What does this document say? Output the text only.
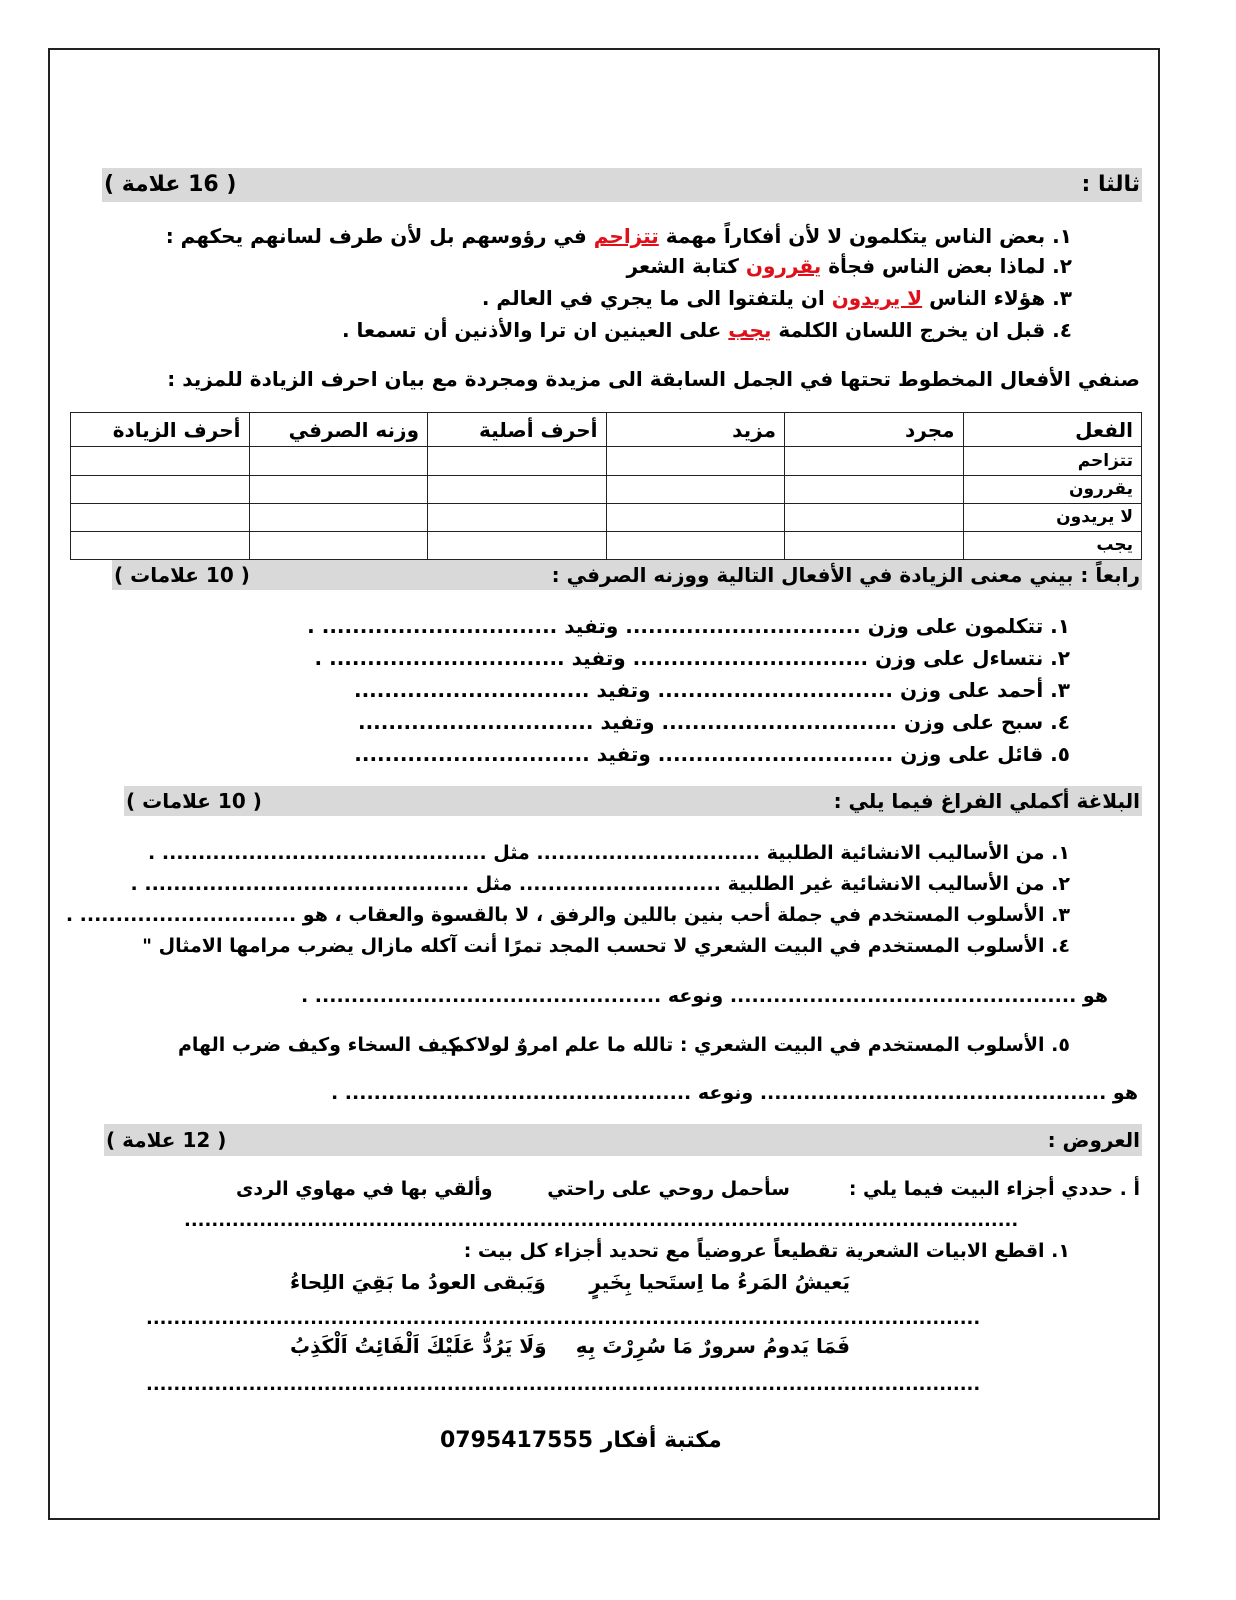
ثالثا :
( 16 علامة )
١. بعض الناس يتكلمون لا لأن أفكاراً مهمة تتزاحم في رؤوسهم بل لأن طرف لسانهم يحكهم :
٢. لماذا بعض الناس فجأة يقررون كتابة الشعر
٣. هؤلاء الناس لا يريدون ان يلتفتوا الى ما يجري في العالم .
٤. قبل ان يخرج اللسان الكلمة يجب على العينين ان ترا والأذنين أن تسمعا .
صنفي الأفعال المخطوط تحتها في الجمل السابقة الى مزيدة ومجردة مع بيان احرف الزيادة للمزيد :
الفعل	مجرد	مزيد	أحرف أصلية	وزنه الصرفي	أحرف الزيادة
تتزاحم					
يقررون					
لا يريدون					
يجب					
رابعاً : بيني معنى الزيادة في الأفعال التالية ووزنه الصرفي :
( 10 علامات )
١. تتكلمون على وزن ............................... وتفيد ............................... .
٢. نتساءل على وزن ............................... وتفيد ............................... .
٣. أحمد على وزن ............................... وتفيد ...............................
٤. سبح على وزن ............................... وتفيد ...............................
٥. قائل على وزن ............................... وتفيد ...............................
البلاغة أكملي الفراغ فيما يلي :
( 10 علامات )
١. من الأساليب الانشائية الطلبية ............................... مثل ............................................. .
٢. من الأساليب الانشائية غير الطلبية ............................ مثل ............................................. .
٣. الأسلوب المستخدم في جملة أحب بنين باللين والرفق ، لا بالقسوة والعقاب ، هو .............................. .
٤. الأسلوب المستخدم في البيت الشعري لا تحسب المجد تمرًا أنت آكله مازال يضرب مرامها الامثال "
هو ................................................ ونوعه ................................................ .
٥. الأسلوب المستخدم في البيت الشعري : تالله ما علم امروٌ لولاكم
كيف السخاء وكيف ضرب الهام
هو ................................................ ونوعه ................................................ .
العروض :
( 12 علامة )
أ . حددي أجزاء البيت فيما يلي :
سأحمل روحي على راحتي
وألقي بها في مهاوي الردى
..........................................................................................................................
١. اقطع الابيات الشعرية تقطيعاً عروضياً مع تحديد أجزاء كل بيت :
يَعيشُ المَرءُ ما اِستَحيا بِخَيرٍ
وَيَبقى العودُ ما بَقِيَ اللِحاءُ
..........................................................................................................................
فَمَا يَدومُ سرورٌ مَا سُرِرْتَ بِهِ
وَلَا يَرُدُّ عَلَيْكَ اَلْفَائِتُ اَلْكَذِبُ
..........................................................................................................................
مكتبة أفكار 0795417555
